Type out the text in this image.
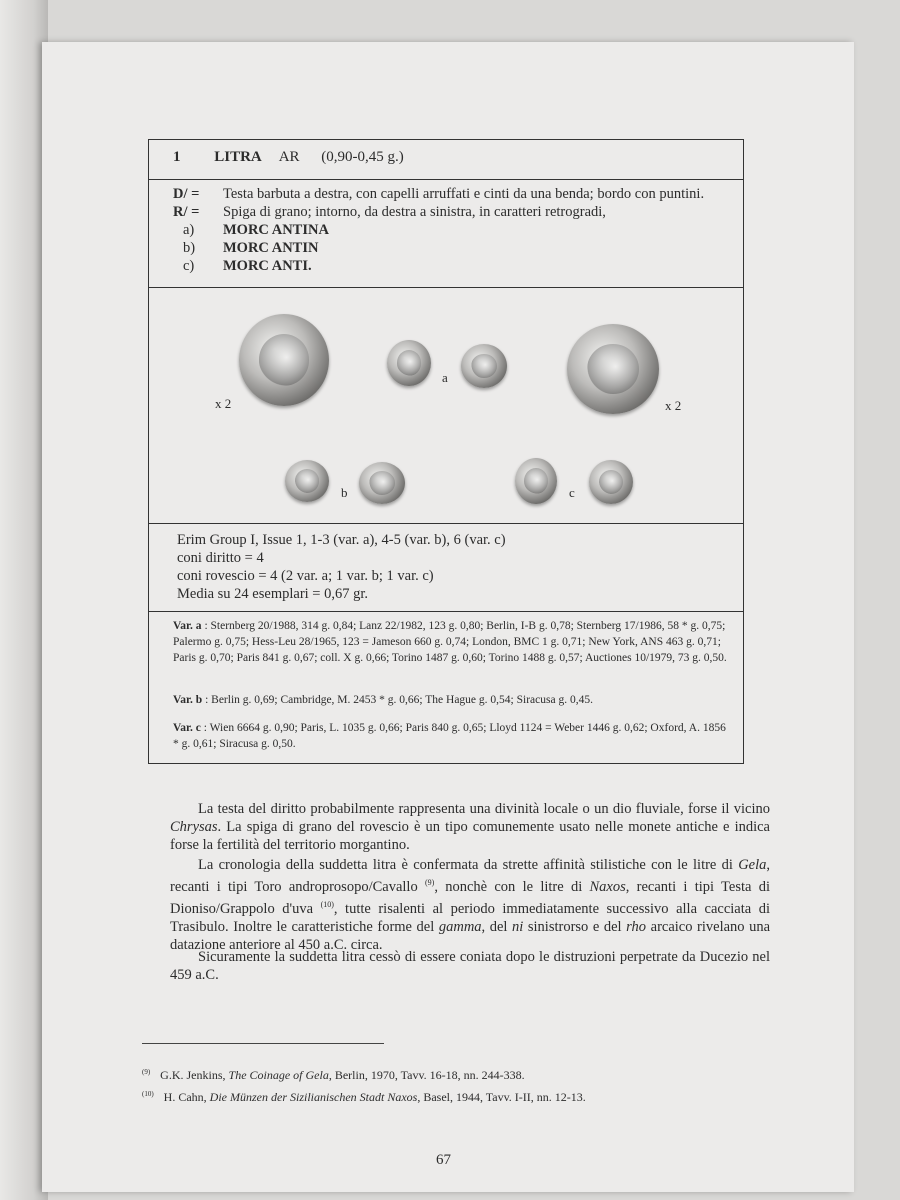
1 LITRA AR (0,90-0,45 g.)
D/ = Testa barbuta a destra, con capelli arruffati e cinti da una benda; bordo con puntini.
R/ = Spiga di grano; intorno, da destra a sinistra, in caratteri retrogradi,
a) MORC ANTINA
b) MORC ANTIN
c) MORC ANTI.
x 2
a
x 2
b	c
Erim Group I, Issue 1, 1-3 (var. a), 4-5 (var. b), 6 (var. c)
coni diritto = 4
coni rovescio = 4 (2 var. a; 1 var. b; 1 var. c)
Media su 24 esemplari = 0,67 gr.
Var. a : Sternberg 20/1988, 314 g. 0,84; Lanz 22/1982, 123 g. 0,80; Berlin, I-B g. 0,78; Sternberg 17/1986, 58 * g. 0,75; Palermo g. 0,75; Hess-Leu 28/1965, 123 = Jameson 660 g. 0,74; London, BMC 1 g. 0,71; New York, ANS 463 g. 0,71; Paris g. 0,70; Paris 841 g. 0,67; coll. X g. 0,66; Torino 1487 g. 0,60; Torino 1488 g. 0,57; Auctiones 10/1979, 73 g. 0,50.
Var. b : Berlin g. 0,69; Cambridge, M. 2453 * g. 0,66; The Hague g. 0,54; Siracusa g. 0,45.
Var. c : Wien 6664 g. 0,90; Paris, L. 1035 g. 0,66; Paris 840 g. 0,65; Lloyd 1124 = Weber 1446 g. 0,62; Oxford, A. 1856 * g. 0,61; Siracusa g. 0,50.
La testa del diritto probabilmente rappresenta una divinità locale o un dio fluviale, forse il vicino Chrysas. La spiga di grano del rovescio è un tipo comunemente usato nelle monete antiche e indica forse la fertilità del territorio morgantino.
La cronologia della suddetta litra è confermata da strette affinità stilistiche con le litre di Gela, recanti i tipi Toro androprosopo/Cavallo $^{(9)}$, nonchè con le litre di Naxos, recanti i tipi Testa di Dioniso/Grappolo d'uva $^{(10)}$, tutte risalenti al periodo immediatamente successivo alla cacciata di Trasibulo. Inoltre le caratteristiche forme del gamma, del ni sinistrorso e del rho arcaico rivelano una datazione anteriore al 450 a.C. circa.
Sicuramente la suddetta litra cessò di essere coniata dopo le distruzioni perpetrate da Ducezio nel 459 a.C.
$^{(9)}$ G.K. Jenkins, The Coinage of Gela, Berlin, 1970, Tavv. 16-18, nn. 244-338.
$^{(10)}$ H. Cahn, Die Münzen der Sizilianischen Stadt Naxos, Basel, 1944, Tavv. I-II, nn. 12-13.
67
